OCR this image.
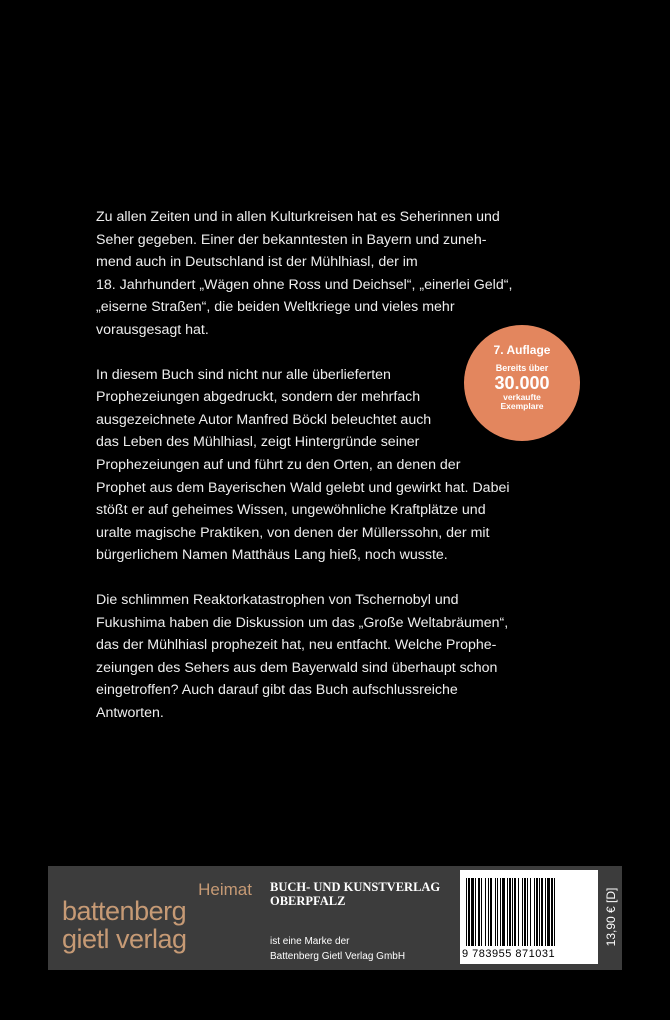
Zu allen Zeiten und in allen Kulturkreisen hat es Seherinnen und
Seher gegeben. Einer der bekanntesten in Bayern und zuneh-
mend auch in Deutschland ist der Mühlhiasl, der im
18. Jahrhundert „Wägen ohne Ross und Deichsel“, „einerlei Geld“,
„eiserne Straßen“, die beiden Weltkriege und vieles mehr
vorausgesagt hat.

In diesem Buch sind nicht nur alle überlieferten
Prophezeiungen abgedruckt, sondern der mehrfach
ausgezeichnete Autor Manfred Böckl beleuchtet auch
das Leben des Mühlhiasl, zeigt Hintergründe seiner
Prophezeiungen auf und führt zu den Orten, an denen der
Prophet aus dem Bayerischen Wald gelebt und gewirkt hat. Dabei
stößt er auf geheimes Wissen, ungewöhnliche Kraftplätze und
uralte magische Praktiken, von denen der Müllerssohn, der mit
bürgerlichem Namen Matthäus Lang hieß, noch wusste.

Die schlimmen Reaktorkatastrophen von Tschernobyl und
Fukushima haben die Diskussion um das „Große Weltabräumen“,
das der Mühlhiasl prophezeit hat, neu entfacht. Welche Prophe-
zeiungen des Sehers aus dem Bayerwald sind überhaupt schon
eingetroffen? Auch darauf gibt das Buch aufschlussreiche
Antworten.

7. Auflage
Bereits über
30.000
verkaufte
Exemplare
Heimat
battenberg
gietl verlag
BUCH- UND KUNSTVERLAG
OBERPFALZ
ist eine Marke der
Battenberg Gietl Verlag GmbH	9 783955 871031
13,90 € [D]
